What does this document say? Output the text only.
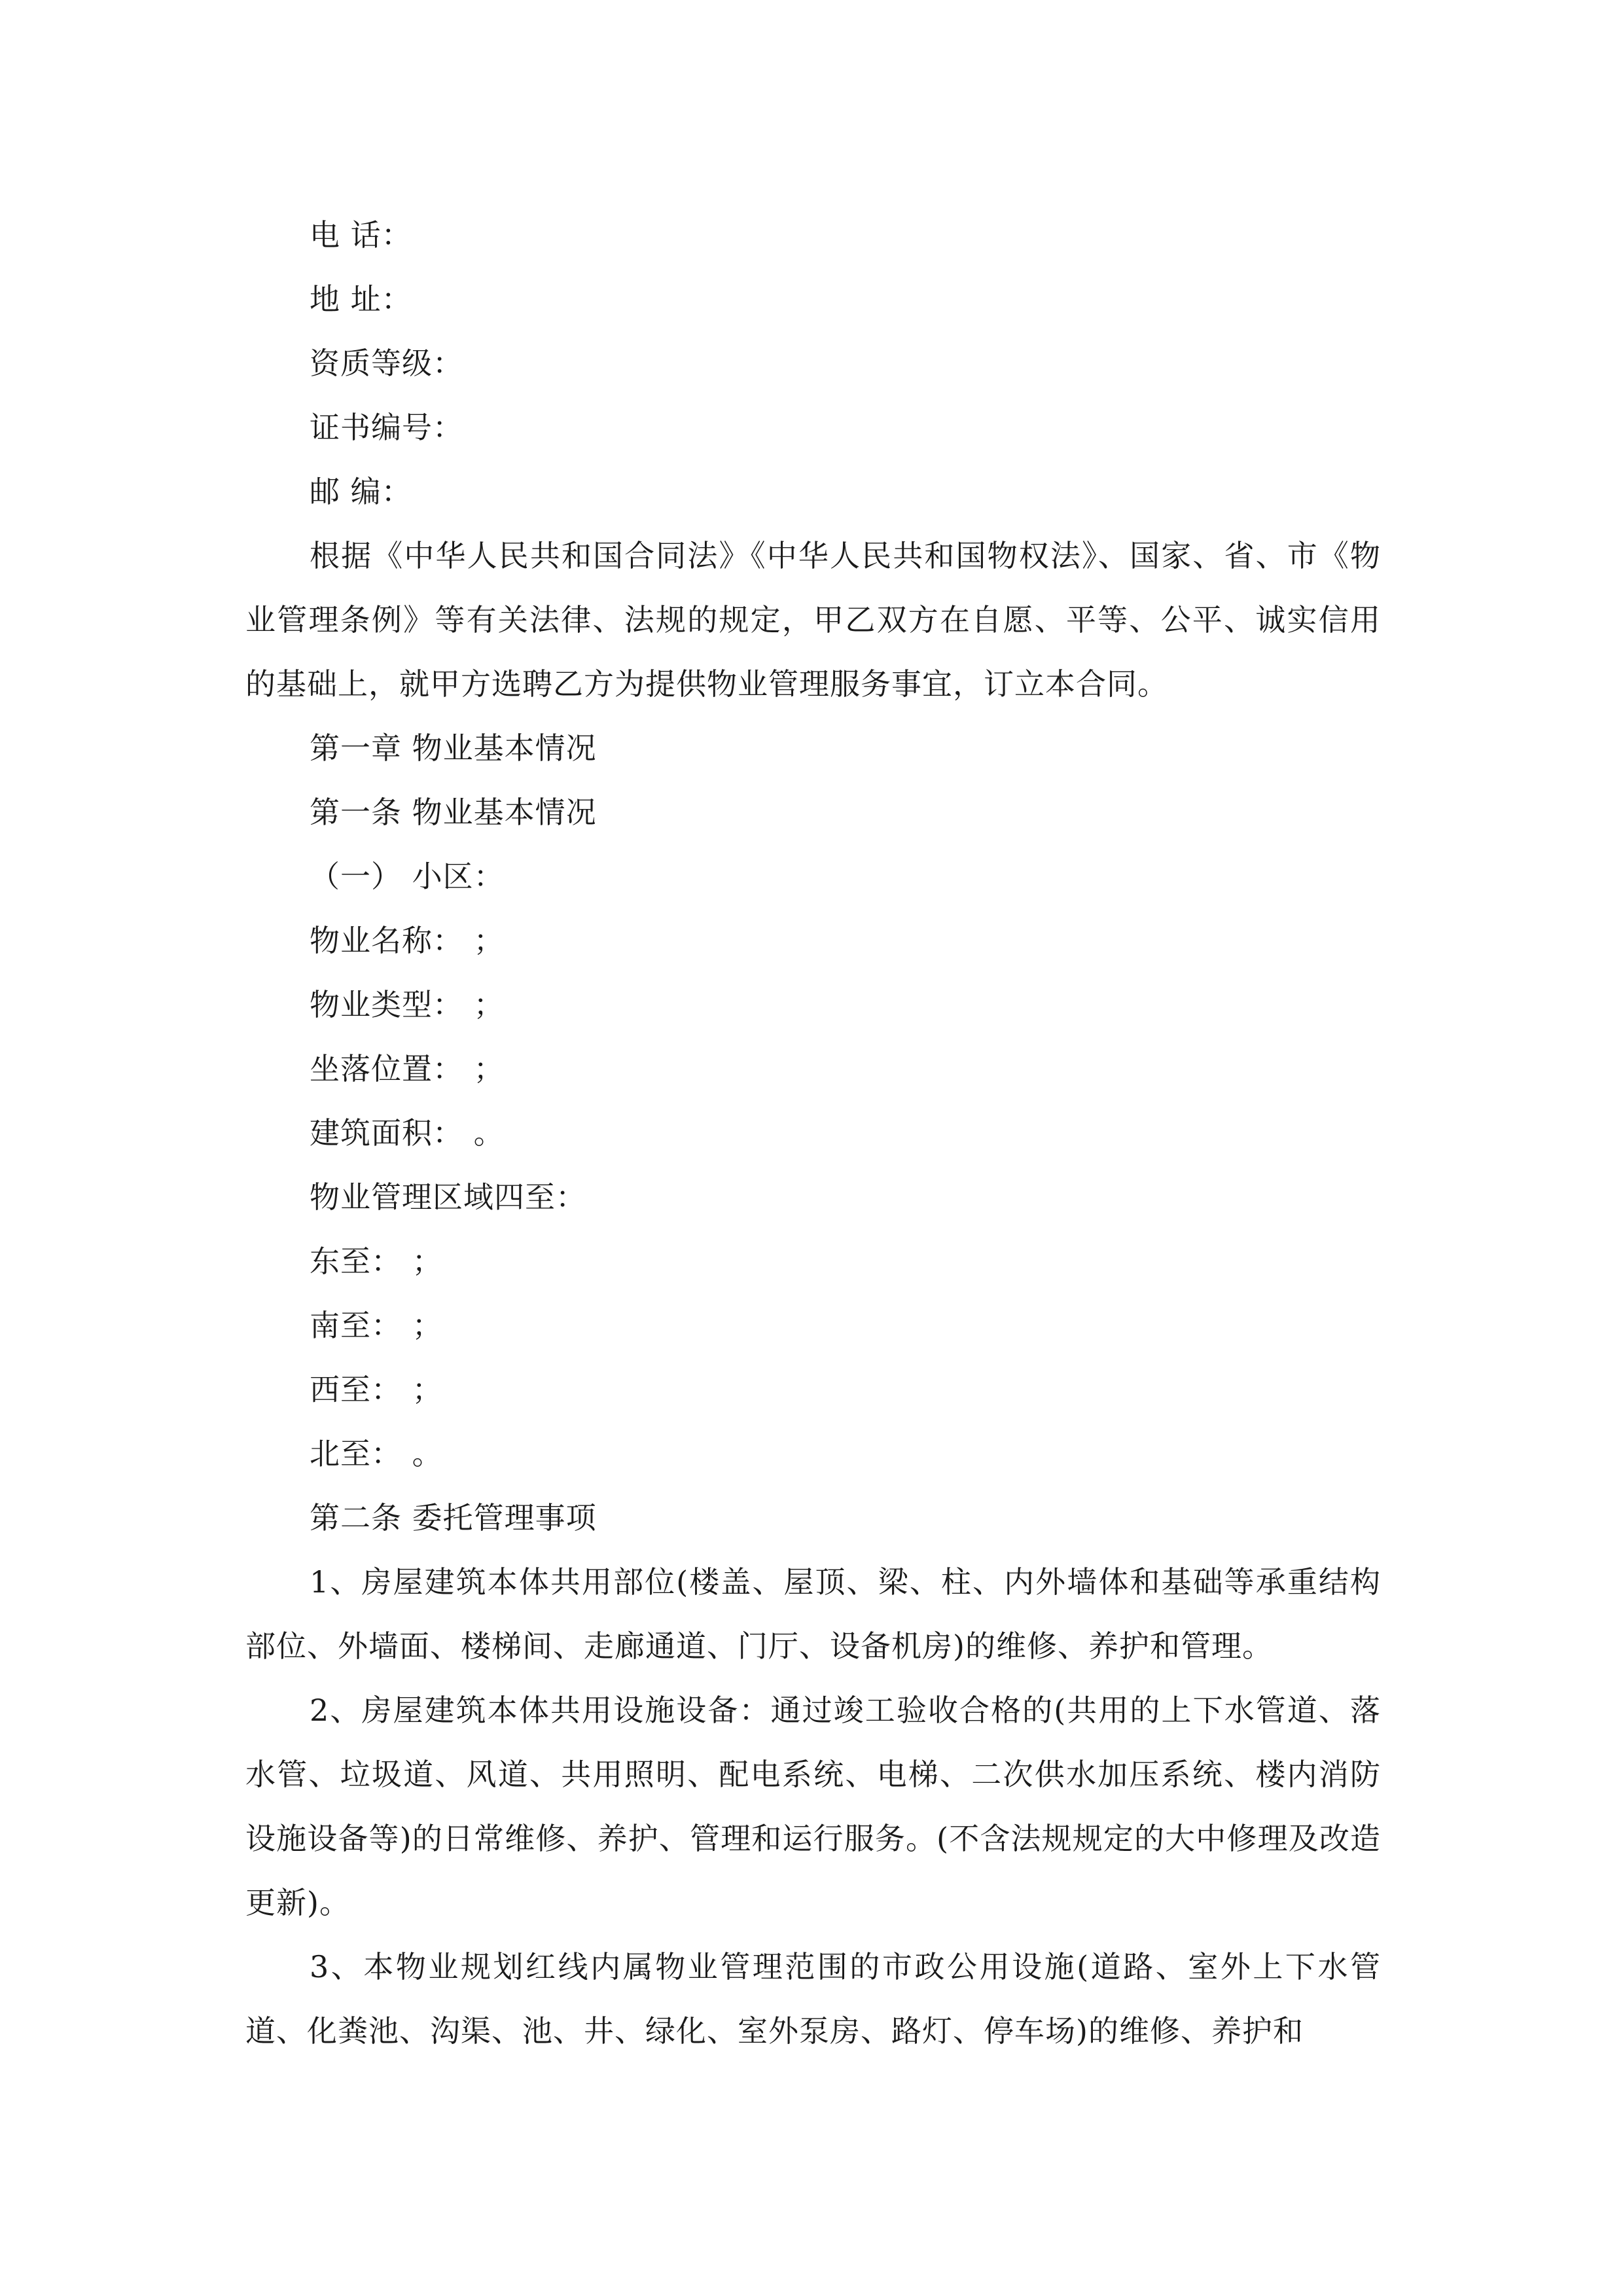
电 话：
地 址：
资质等级：
证书编号：
邮 编：

根据《中华人民共和国合同法》《中华人民共和国物权法》、国家、省、市《物业管理条例》等有关法律、法规的规定，甲乙双方在自愿、平等、公平、诚实信用的基础上，就甲方选聘乙方为提供物业管理服务事宜，订立本合同。

第一章 物业基本情况
第一条 物业基本情况
（一） 小区：
物业名称： ；
物业类型： ；
坐落位置： ；
建筑面积： 。
物业管理区域四至：
东至： ；
南至： ；
西至： ；
北至： 。
第二条 委托管理事项

1、房屋建筑本体共用部位(楼盖、屋顶、梁、柱、内外墙体和基础等承重结构部位、外墙面、楼梯间、走廊通道、门厅、设备机房)的维修、养护和管理。

2、房屋建筑本体共用设施设备：通过竣工验收合格的(共用的上下水管道、落水管、垃圾道、风道、共用照明、配电系统、电梯、二次供水加压系统、楼内消防设施设备等)的日常维修、养护、管理和运行服务。(不含法规规定的大中修理及改造更新)。

3、本物业规划红线内属物业管理范围的市政公用设施(道路、室外上下水管道、化粪池、沟渠、池、井、绿化、室外泵房、路灯、停车场)的维修、养护和
